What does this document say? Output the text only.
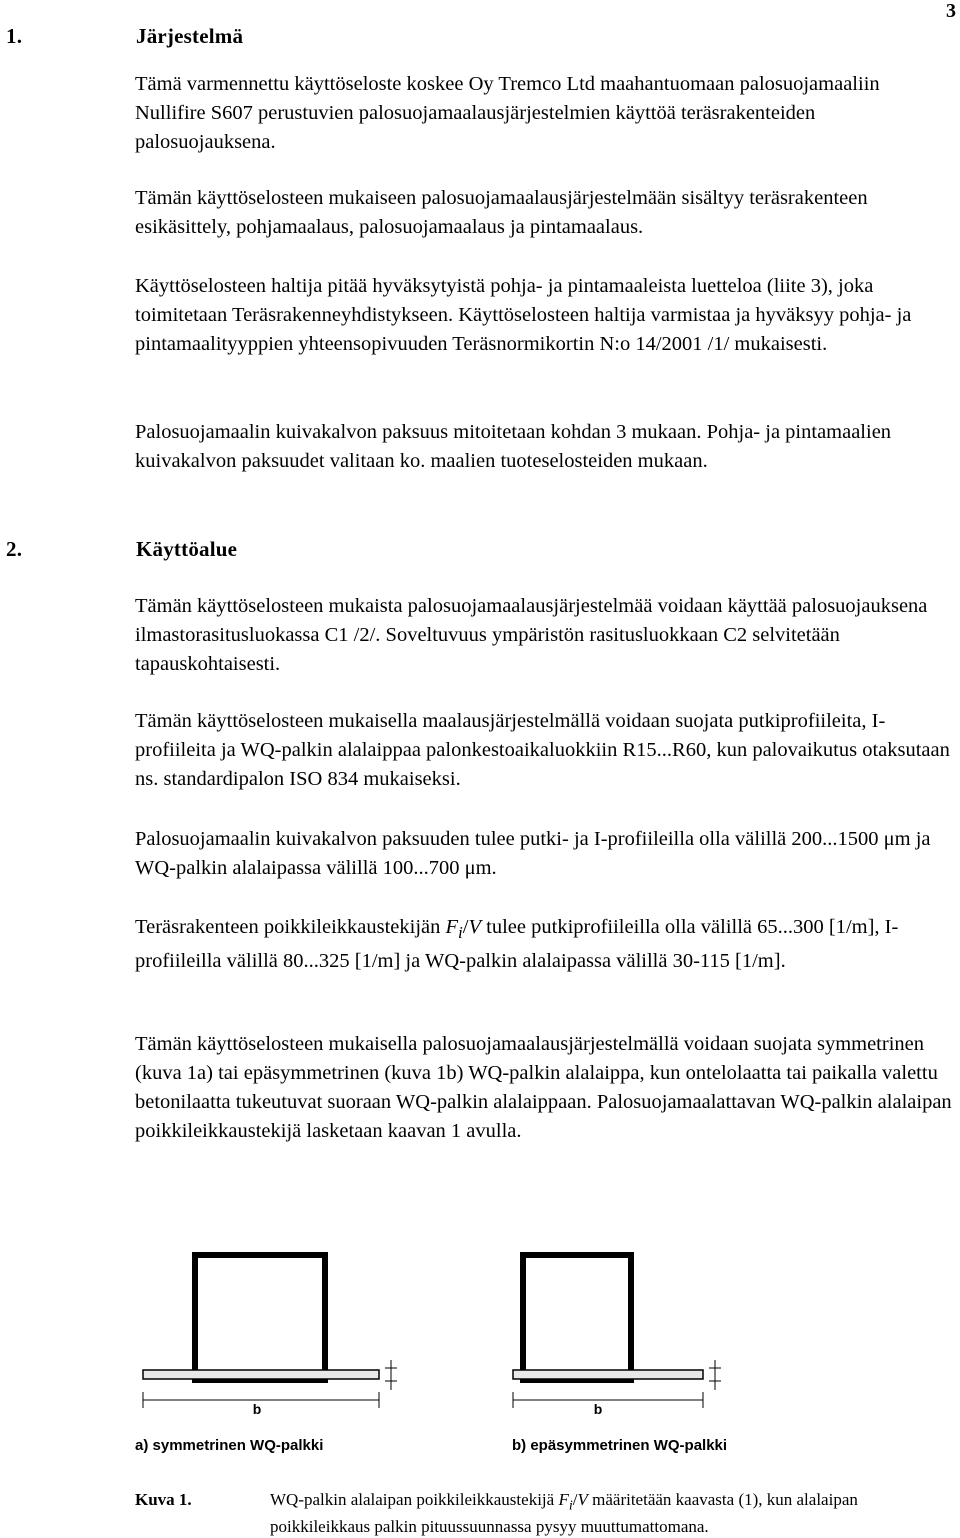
3
1.	Järjestelmä

Tämä varmennettu käyttöseloste koskee Oy Tremco Ltd maahantuomaan palosuojamaaliin Nullifire S607 perustuvien palosuojamaalausjärjestelmien käyttöä teräsrakenteiden palosuojauksena.

Tämän käyttöselosteen mukaiseen palosuojamaalausjärjestelmään sisältyy teräsrakenteen esikäsittely, pohjamaalaus, palosuojamaalaus ja pintamaalaus.

Käyttöselosteen haltija pitää hyväksytyistä pohja- ja pintamaaleista luetteloa (liite 3), joka toimitetaan Teräsrakenneyhdistykseen. Käyttöselosteen haltija varmistaa ja hyväksyy pohja- ja pintamaalityyppien yhteensopivuuden Teräsnormikortin N:o 14/2001 /1/ mukaisesti.

Palosuojamaalin kuivakalvon paksuus mitoitetaan kohdan 3 mukaan. Pohja- ja pintamaalien kuivakalvon paksuudet valitaan ko. maalien tuoteselosteiden mukaan.

2.	Käyttöalue

Tämän käyttöselosteen mukaista palosuojamaalausjärjestelmää voidaan käyttää palosuojauksena ilmastorasitusluokassa C1 /2/. Soveltuvuus ympäristön rasitusluokkaan C2 selvitetään tapauskohtaisesti.

Tämän käyttöselosteen mukaisella maalausjärjestelmällä voidaan suojata putkiprofiileita, I-profiileita ja WQ-palkin alalaippaa palonkestoaikaluokkiin R15...R60, kun palovaikutus otaksutaan ns. standardipalon ISO 834 mukaiseksi.

Palosuojamaalin kuivakalvon paksuuden tulee putki- ja I-profiileilla olla välillä 200...1500 μm ja WQ-palkin alalaipassa välillä 100...700 μm.

Teräsrakenteen poikkileikkaustekijän $F_i/V$ tulee putkiprofiileilla olla välillä 65...300 [1/m], I-profiileilla välillä 80...325 [1/m] ja WQ-palkin alalaipassa välillä 30-115 [1/m].

Tämän käyttöselosteen mukaisella palosuojamaalausjärjestelmällä voidaan suojata symmetrinen (kuva 1a) tai epäsymmetrinen (kuva 1b) WQ-palkin alalaippa, kun ontelolaatta tai paikalla valettu betonilaatta tukeutuvat suoraan WQ-palkin alalaippaan. Palosuojamaalattavan WQ-palkin alalaipan poikkileikkaustekijä lasketaan kaavan 1 avulla.

b	b
a) symmetrinen WQ-palkki	b) epäsymmetrinen WQ-palkki
Kuva 1.	WQ-palkin alalaipan poikkileikkaustekijä $F_i/V$ määritetään kaavasta (1), kun alalaipan poikkileikkaus palkin pituussuunnassa pysyy muuttumattomana.
